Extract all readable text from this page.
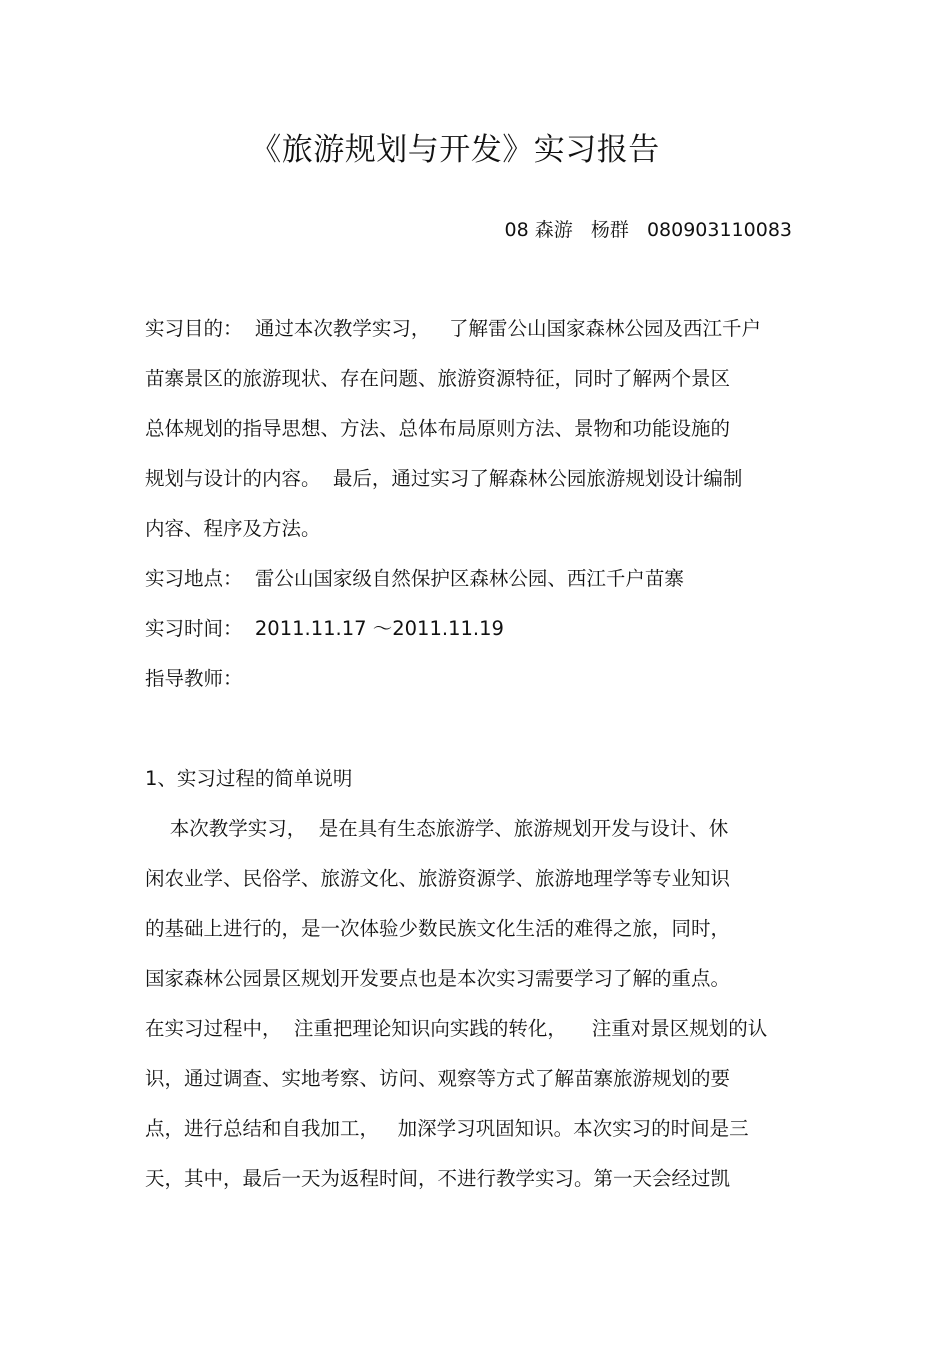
《旅游规划与开发》实习报告
08 森游   杨群   080903110083
实习目的：  通过本次教学实习，   了解雷公山国家森林公园及西江千户
苗寨景区的旅游现状、存在问题、旅游资源特征，同时了解两个景区
总体规划的指导思想、方法、总体布局原则方法、景物和功能设施的
规划与设计的内容。  最后，通过实习了解森林公园旅游规划设计编制
内容、程序及方法。
实习地点：  雷公山国家级自然保护区森林公园、西江千户苗寨
实习时间：  2011.11.17 ～2011.11.19
指导教师：
1、实习过程的简单说明
本次教学实习，  是在具有生态旅游学、旅游规划开发与设计、休
闲农业学、民俗学、旅游文化、旅游资源学、旅游地理学等专业知识
的基础上进行的，是一次体验少数民族文化生活的难得之旅，同时，
国家森林公园景区规划开发要点也是本次实习需要学习了解的重点。
在实习过程中，  注重把理论知识向实践的转化，    注重对景区规划的认
识，通过调查、实地考察、访问、观察等方式了解苗寨旅游规划的要
点，进行总结和自我加工，   加深学习巩固知识。本次实习的时间是三
天，其中，最后一天为返程时间，不进行教学实习。第一天会经过凯
